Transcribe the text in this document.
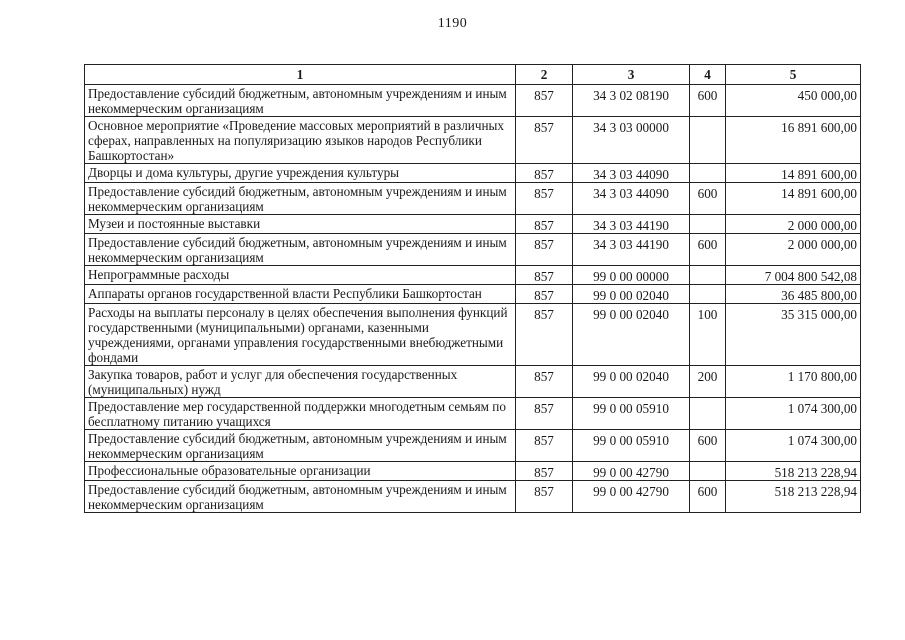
1190
1	2	3	4	5
Предоставление субсидий бюджетным, автономным учреждениям и иным некоммерческим организациям	857	34 3 02 08190	600	450 000,00
Основное мероприятие «Проведение массовых мероприятий в различных сферах, направленных на популяризацию языков народов Республики Башкортостан»	857	34 3 03 00000		16 891 600,00
Дворцы и дома культуры, другие учреждения культуры	857	34 3 03 44090		14 891 600,00
Предоставление субсидий бюджетным, автономным учреждениям и иным некоммерческим организациям	857	34 3 03 44090	600	14 891 600,00
Музеи и постоянные выставки	857	34 3 03 44190		2 000 000,00
Предоставление субсидий бюджетным, автономным учреждениям и иным некоммерческим организациям	857	34 3 03 44190	600	2 000 000,00
Непрограммные расходы	857	99 0 00 00000		7 004 800 542,08
Аппараты органов государственной власти Республики Башкортостан	857	99 0 00 02040		36 485 800,00
Расходы на выплаты персоналу в целях обеспечения выполнения функций государственными (муниципальными) органами, казенными учреждениями, органами управления государственными внебюджетными фондами	857	99 0 00 02040	100	35 315 000,00
Закупка товаров, работ и услуг для обеспечения государственных (муниципальных) нужд	857	99 0 00 02040	200	1 170 800,00
Предоставление мер государственной поддержки многодетным семьям по бесплатному питанию учащихся	857	99 0 00 05910		1 074 300,00
Предоставление субсидий бюджетным, автономным учреждениям и иным некоммерческим организациям	857	99 0 00 05910	600	1 074 300,00
Профессиональные образовательные организации	857	99 0 00 42790		518 213 228,94
Предоставление субсидий бюджетным, автономным учреждениям и иным некоммерческим организациям	857	99 0 00 42790	600	518 213 228,94
